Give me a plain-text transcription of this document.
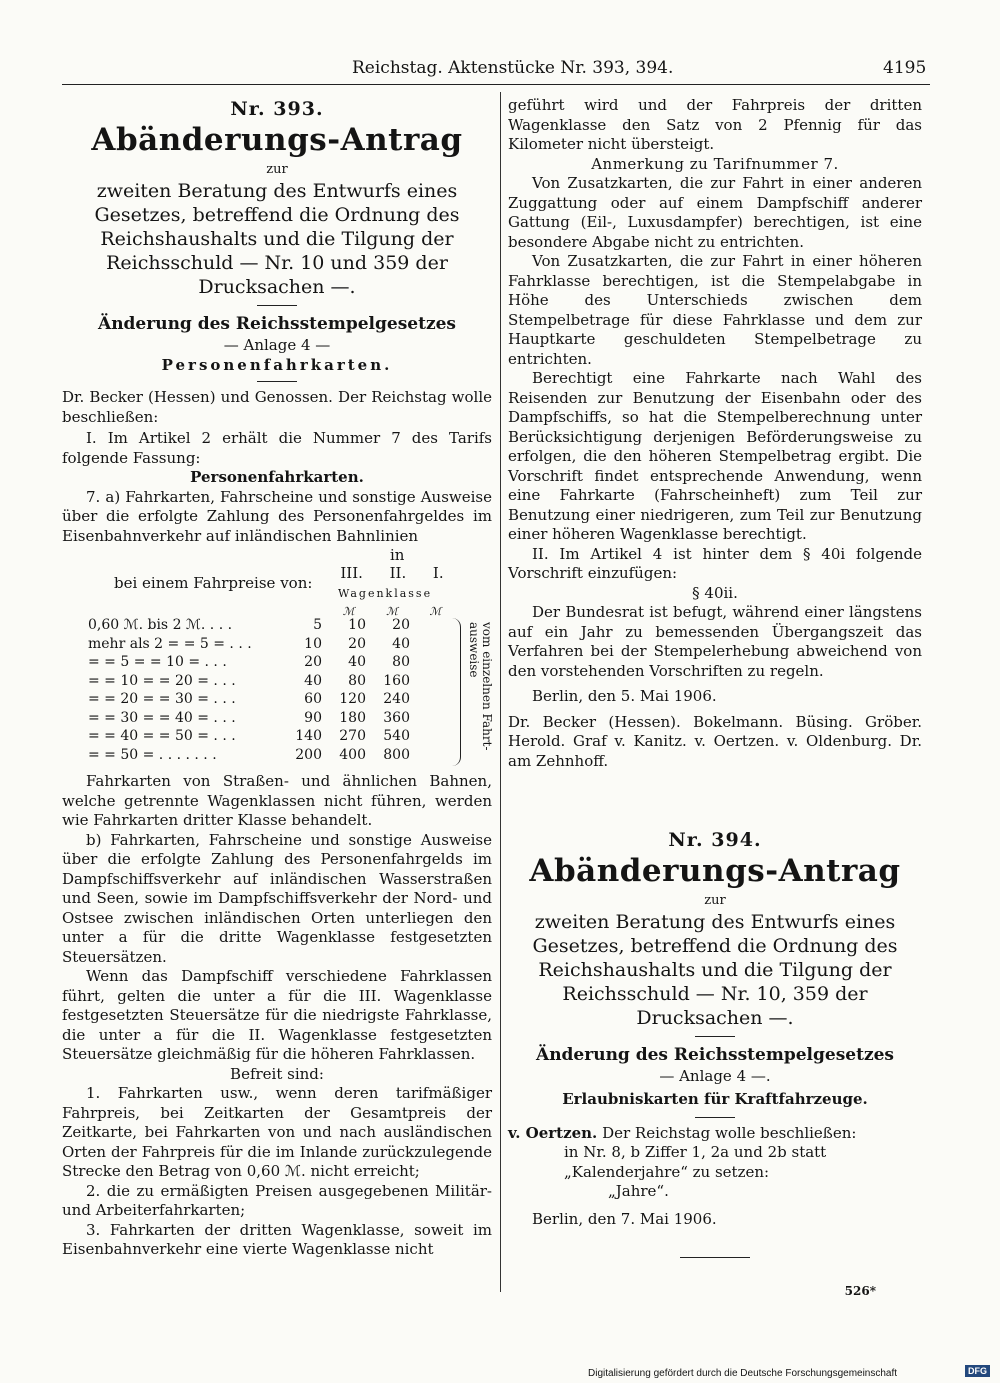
Reichstag. Aktenstücke Nr. 393, 394.	4195

Nr. 393.

Abänderungs-Antrag

zur

zweiten Beratung des Entwurfs eines Gesetzes, betreffend die Ordnung des Reichshaushalts und die Tilgung der Reichsschuld — Nr. 10 und 359 der Drucksachen —.

Änderung des Reichsstempelgesetzes

— Anlage 4 —

Personenfahrkarten.

Dr. Becker (Hessen) und Genossen. Der Reichstag wolle beschließen:

I. Im Artikel 2 erhält die Nummer 7 des Tarifs folgende Fassung:

Personenfahrkarten.

7. a) Fahrkarten, Fahrscheine und sonstige Ausweise über die erfolgte Zahlung des Personenfahrgeldes im Eisenbahnverkehr auf inländischen Bahnlinien

in
bei einem Fahrpreise von:
III. II. I.
Wagenklasse
ℳ	ℳ	ℳ
0,60 ℳ. bis 2 ℳ. . . .	5	10	20
mehr als 2 = = 5 = . . .	10	20	40
= = 5 = = 10 = . . .	20	40	80
= = 10 = = 20 = . . .	40	80	160
= = 20 = = 30 = . . .	60	120	240
= = 30 = = 40 = . . .	90	180	360
= = 40 = = 50 = . . .	140	270	540
= = 50 = . . . . . . .	200	400	800
vom einzelnen Fahrt-ausweise

Fahrkarten von Straßen- und ähnlichen Bahnen, welche getrennte Wagenklassen nicht führen, werden wie Fahrkarten dritter Klasse behandelt.

b) Fahrkarten, Fahrscheine und sonstige Ausweise über die erfolgte Zahlung des Personenfahrgelds im Dampfschiffsverkehr auf inländischen Wasserstraßen und Seen, sowie im Dampfschiffsverkehr der Nord- und Ostsee zwischen inländischen Orten unterliegen den unter a für die dritte Wagenklasse festgesetzten Steuersätzen.

Wenn das Dampfschiff verschiedene Fahrklassen führt, gelten die unter a für die III. Wagenklasse festgesetzten Steuersätze für die niedrigste Fahrklasse, die unter a für die II. Wagenklasse festgesetzten Steuersätze gleichmäßig für die höheren Fahrklassen.

Befreit sind:

1. Fahrkarten usw., wenn deren tarifmäßiger Fahrpreis, bei Zeitkarten der Gesamtpreis der Zeitkarte, bei Fahrkarten von und nach ausländischen Orten der Fahrpreis für die im Inlande zurückzulegende Strecke den Betrag von 0,60 ℳ. nicht erreicht;

2. die zu ermäßigten Preisen ausgegebenen Militär- und Arbeiterfahrkarten;

3. Fahrkarten der dritten Wagenklasse, soweit im Eisenbahnverkehr eine vierte Wagenklasse nicht

geführt wird und der Fahrpreis der dritten Wagenklasse den Satz von 2 Pfennig für das Kilometer nicht übersteigt.

Anmerkung zu Tarifnummer 7.

Von Zusatzkarten, die zur Fahrt in einer anderen Zuggattung oder auf einem Dampfschiff anderer Gattung (Eil-, Luxusdampfer) berechtigen, ist eine besondere Abgabe nicht zu entrichten.

Von Zusatzkarten, die zur Fahrt in einer höheren Fahrklasse berechtigen, ist die Stempelabgabe in Höhe des Unterschieds zwischen dem Stempelbetrage für diese Fahrklasse und dem zur Hauptkarte geschuldeten Stempelbetrage zu entrichten.

Berechtigt eine Fahrkarte nach Wahl des Reisenden zur Benutzung der Eisenbahn oder des Dampfschiffs, so hat die Stempelberechnung unter Berücksichtigung derjenigen Beförderungsweise zu erfolgen, die den höheren Stempelbetrag ergibt. Die Vorschrift findet entsprechende Anwendung, wenn eine Fahrkarte (Fahrscheinheft) zum Teil zur Benutzung einer niedrigeren, zum Teil zur Benutzung einer höheren Wagenklasse berechtigt.

II. Im Artikel 4 ist hinter dem § 40i folgende Vorschrift einzufügen:

§ 40ii.

Der Bundesrat ist befugt, während einer längstens auf ein Jahr zu bemessenden Übergangszeit das Verfahren bei der Stempelerhebung abweichend von den vorstehenden Vorschriften zu regeln.

Berlin, den 5. Mai 1906.

Dr. Becker (Hessen). Bokelmann. Büsing. Gröber. Herold. Graf v. Kanitz. v. Oertzen. v. Oldenburg. Dr. am Zehnhoff.

Nr. 394.

Abänderungs-Antrag

zur

zweiten Beratung des Entwurfs eines Gesetzes, betreffend die Ordnung des Reichshaushalts und die Tilgung der Reichsschuld — Nr. 10, 359 der Drucksachen —.

Änderung des Reichsstempelgesetzes

— Anlage 4 —.

Erlaubniskarten für Kraftfahrzeuge.

v. Oertzen. Der Reichstag wolle beschließen:

in Nr. 8, b Ziffer 1, 2a und 2b statt „Kalenderjahre“ zu setzen:

„Jahre“.

Berlin, den 7. Mai 1906.

526*

Digitalisierung gefördert durch die Deutsche Forschungsgemeinschaft	DFG
